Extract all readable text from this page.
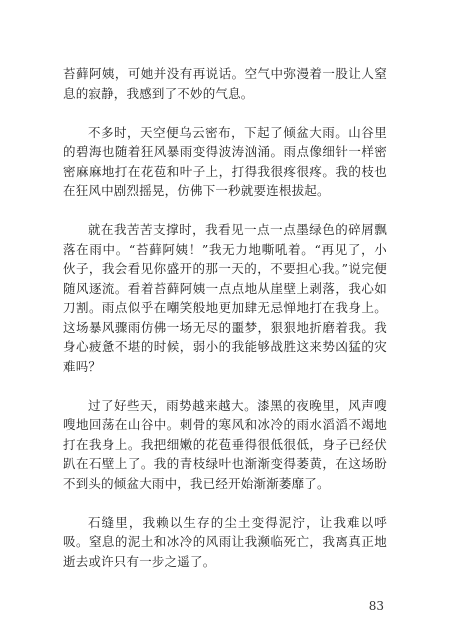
苔藓阿姨，可她并没有再说话。空气中弥漫着一股让人窒息的寂静，我感到了不妙的气息。

不多时，天空便乌云密布，下起了倾盆大雨。山谷里的碧海也随着狂风暴雨变得波涛汹涌。雨点像细针一样密密麻麻地打在花苞和叶子上，打得我很疼很疼。我的枝也在狂风中剧烈摇晃，仿佛下一秒就要连根拔起。

就在我苦苦支撑时，我看见一点一点墨绿色的碎屑飘落在雨中。“苔藓阿姨！”我无力地嘶吼着。“再见了，小伙子，我会看见你盛开的那一天的，不要担心我。”说完便随风逐流。看着苔藓阿姨一点点地从崖壁上剥落，我心如刀割。雨点似乎在嘲笑般地更加肆无忌惮地打在我身上。这场暴风骤雨仿佛一场无尽的噩梦，狠狠地折磨着我。我身心疲惫不堪的时候，弱小的我能够战胜这来势凶猛的灾难吗？

过了好些天，雨势越来越大。漆黑的夜晚里，风声嗖嗖地回荡在山谷中。刺骨的寒风和冰冷的雨水滔滔不竭地打在我身上。我把细嫩的花苞垂得很低很低，身子已经伏趴在石壁上了。我的青枝绿叶也渐渐变得萎黄，在这场盼不到头的倾盆大雨中，我已经开始渐渐萎靡了。

石缝里，我赖以生存的尘土变得泥泞，让我难以呼吸。窒息的泥土和冰冷的风雨让我濒临死亡，我离真正地逝去或许只有一步之遥了。

83
